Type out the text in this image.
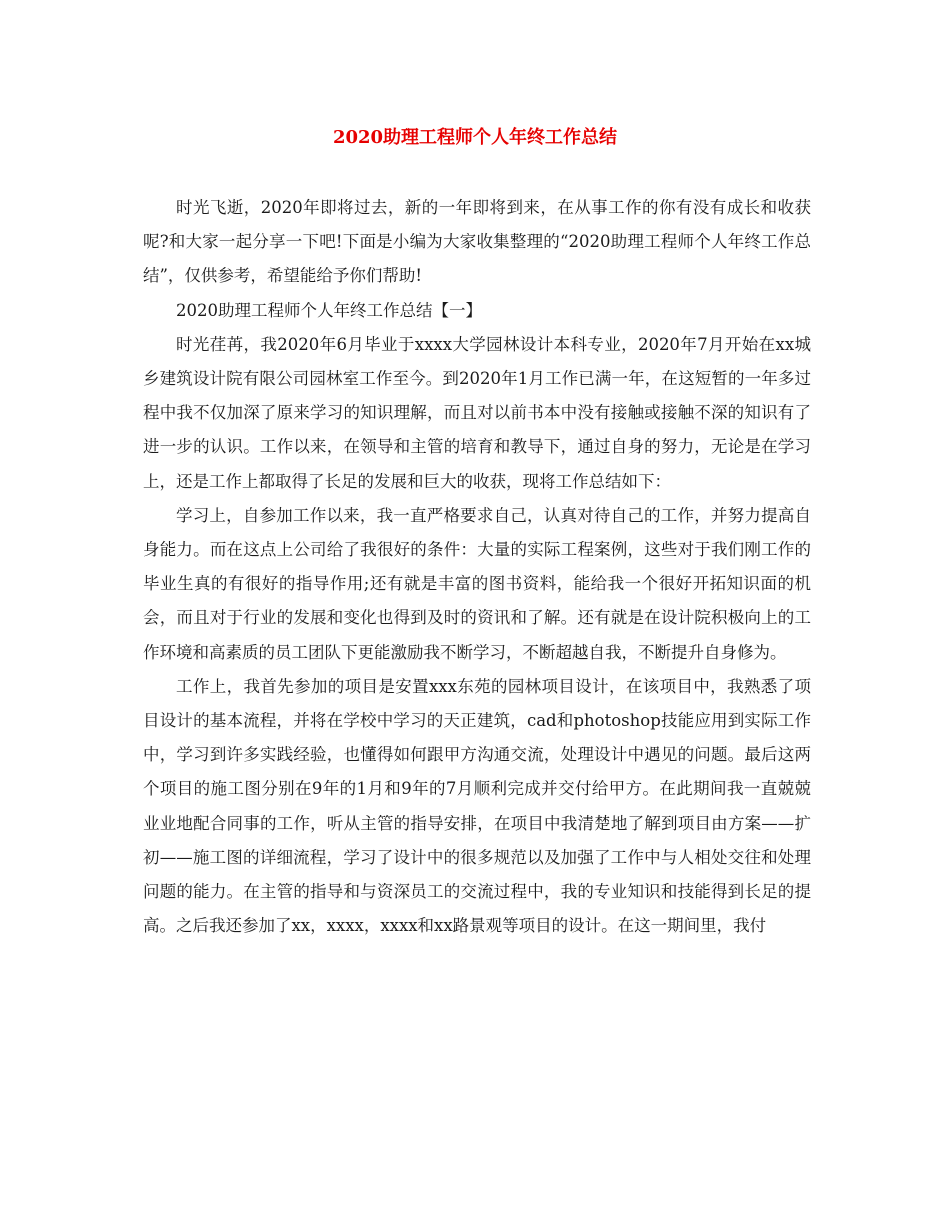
2020助理工程师个人年终工作总结

时光飞逝，2020年即将过去，新的一年即将到来，在从事工作的你有没有成长和收获呢?和大家一起分享一下吧!下面是小编为大家收集整理的“2020助理工程师个人年终工作总结”，仅供参考，希望能给予你们帮助!

2020助理工程师个人年终工作总结【一】

时光荏苒，我2020年6月毕业于xxxx大学园林设计本科专业，2020年7月开始在xx城乡建筑设计院有限公司园林室工作至今。到2020年1月工作已满一年，在这短暂的一年多过程中我不仅加深了原来学习的知识理解，而且对以前书本中没有接触或接触不深的知识有了进一步的认识。工作以来，在领导和主管的培育和教导下，通过自身的努力，无论是在学习上，还是工作上都取得了长足的发展和巨大的收获，现将工作总结如下：

学习上，自参加工作以来，我一直严格要求自己，认真对待自己的工作，并努力提高自身能力。而在这点上公司给了我很好的条件：大量的实际工程案例，这些对于我们刚工作的毕业生真的有很好的指导作用;还有就是丰富的图书资料，能给我一个很好开拓知识面的机会，而且对于行业的发展和变化也得到及时的资讯和了解。还有就是在设计院积极向上的工作环境和高素质的员工团队下更能激励我不断学习，不断超越自我，不断提升自身修为。

工作上，我首先参加的项目是安置xxx东苑的园林项目设计，在该项目中，我熟悉了项目设计的基本流程，并将在学校中学习的天正建筑，cad和photoshop技能应用到实际工作中，学习到许多实践经验，也懂得如何跟甲方沟通交流，处理设计中遇见的问题。最后这两个项目的施工图分别在9年的1月和9年的7月顺利完成并交付给甲方。在此期间我一直兢兢业业地配合同事的工作，听从主管的指导安排，在项目中我清楚地了解到项目由方案——扩初——施工图的详细流程，学习了设计中的很多规范以及加强了工作中与人相处交往和处理问题的能力。在主管的指导和与资深员工的交流过程中，我的专业知识和技能得到长足的提高。之后我还参加了xx，xxxx，xxxx和xx路景观等项目的设计。在这一期间里，我付
